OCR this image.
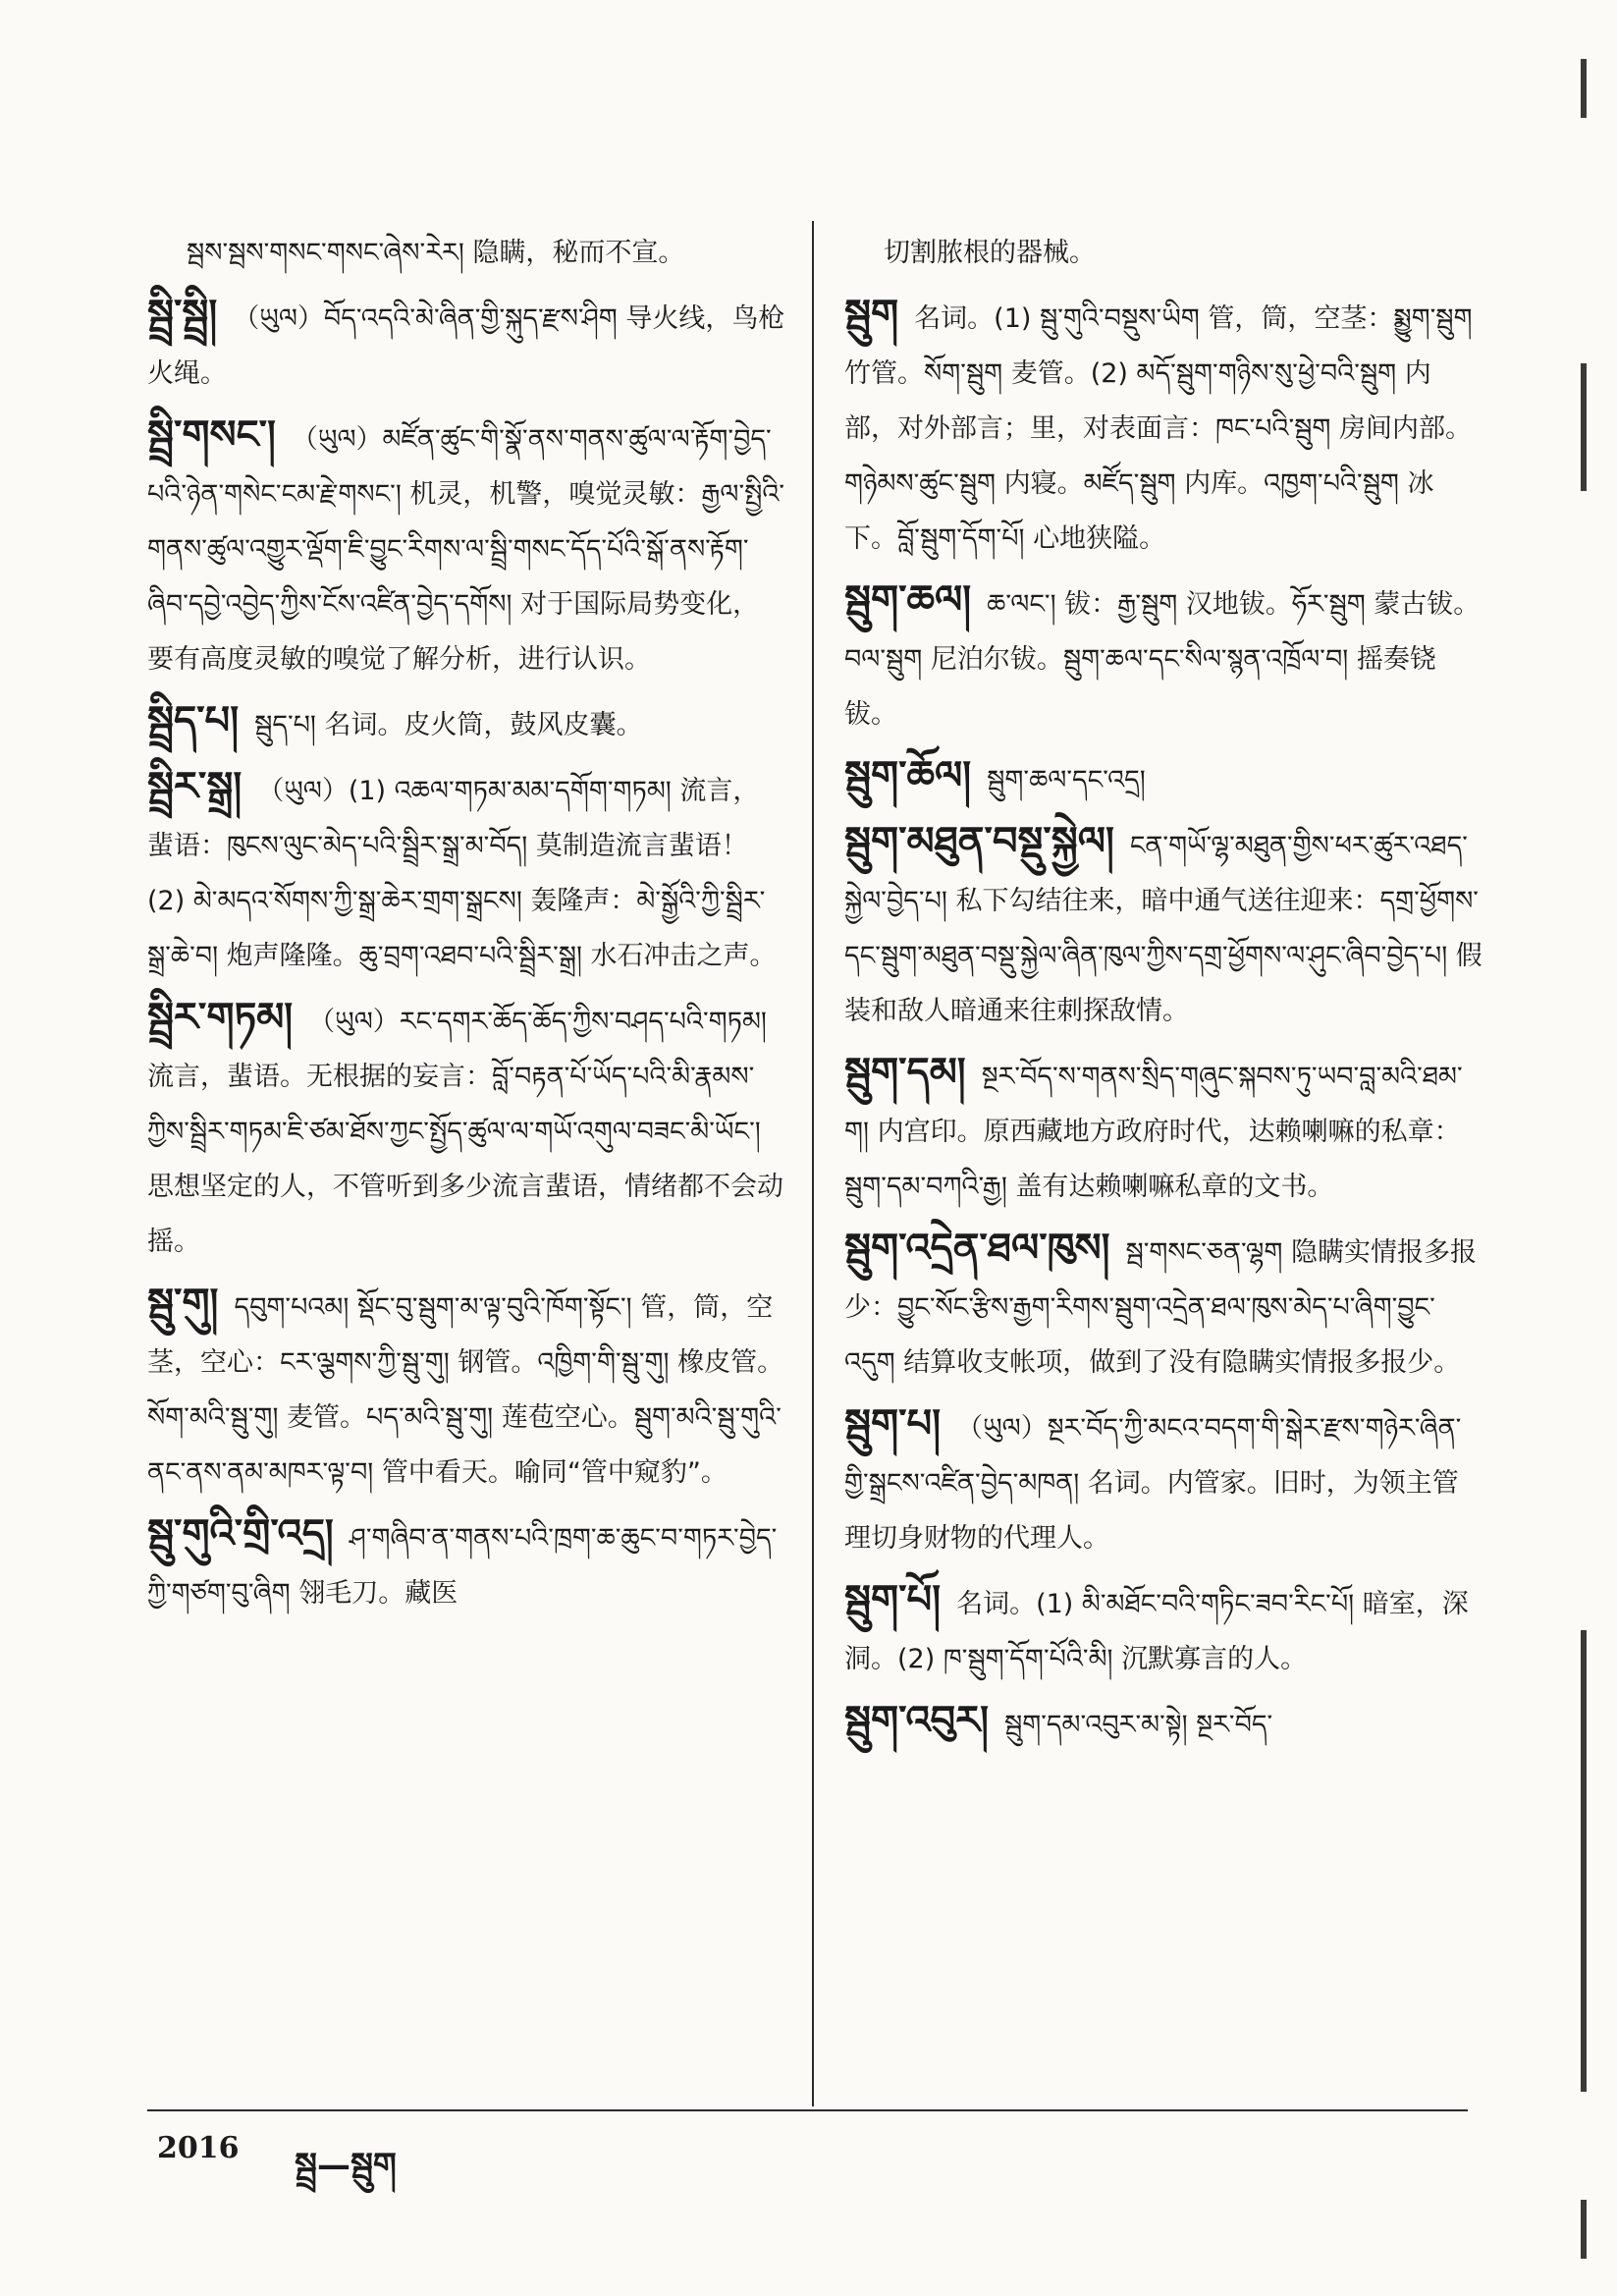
སྦས་སྦས་གསང་གསང་ཞེས་རེར། 隐瞒，秘而不宣。
སྦྲི་སྦྲི། （ཡུལ）བོད་འདའི་མེ་ཞིན་གྱི་སྐུད་རྫས་ཤིག 导火线，鸟枪火绳。
སྦྲི་གསང་། （ཡུལ）མཛོན་ཚུང་གི་སྣོ་ནས་གནས་ཚུལ་ལ་རྟོག་བྱེད་པའི་ཉེན་གསེང་ངམ་རྗེ་གསང་། 机灵，机警，嗅觉灵敏：རྒྱལ་སྤྱིའི་གནས་ཚུལ་འགྱུར་ལྡོག་ཇི་བྱུང་རིགས་ལ་སྦྲི་གསང་དོད་པོའི་སྒོ་ནས་རྟོག་ཞིབ་དབྱེ་འབྱེད་ཀྱིས་ངོས་འཛིན་བྱེད་དགོས། 对于国际局势变化，要有高度灵敏的嗅觉了解分析，进行认识。
སྦྲིད་པ། སྦུད་པ། 名词。皮火筒，鼓风皮囊。
སྦྲིར་སྒྲ། （ཡུལ）(1) འཆལ་གཏམ་མམ་དགོག་གཏམ། 流言，蜚语：ཁུངས་ལུང་མེད་པའི་སྦྲིར་སྒྲ་མ་བོད། 莫制造流言蜚语！ (2) མེ་མདའ་སོགས་ཀྱི་སྒྲ་ཆེར་གྲག་སྒྲངས། 轰隆声：མེ་སྒྱོའི་ཀྱི་སྦྲིར་སྒྲ་ཆེ་བ། 炮声隆隆。ཆུ་བྲག་འཐབ་པའི་སྦྲིར་སྒྲ། 水石冲击之声。
སྦྲིར་གཏམ། （ཡུལ）རང་དགར་ཆོད་ཆོད་ཀྱིས་བཤད་པའི་གཏམ། 流言，蜚语。无根据的妄言：བློ་བརྟན་པོ་ཡོད་པའི་མི་རྣམས་ཀྱིས་སྦྲིར་གཏམ་ཇི་ཙམ་ཐོས་ཀྱང་སྤྱོད་ཚུལ་ལ་གཡོ་འགུལ་བཟང་མི་ཡོང་། 思想坚定的人，不管听到多少流言蜚语，情绪都不会动摇。
སྦུ་གུ། དབུག་པའམ། སྡོང་བུ་སྦུག་མ་ལྟ་བུའི་ཁོག་སྟོང་། 管，筒，空茎，空心：ངར་ལྕགས་ཀྱི་སྦུ་གུ། 钢管。འཁྱིག་གི་སྦུ་གུ། 橡皮管。སོག་མའི་སྦུ་གུ། 麦管。པད་མའི་སྦུ་གུ། 莲苞空心。སྦུག་མའི་སྦུ་གུའི་ནང་ནས་ནམ་མཁར་ལྟ་བ། 管中看天。喻同“管中窥豹”。
སྦུ་གུའི་གྲི་འདྲ། ཤ་གཞིབ་ན་གནས་པའི་ཁྲག་ཆ་ཆུང་བ་གཏར་བྱེད་ཀྱི་གཙག་བུ་ཞིག 翎毛刀。藏医
切割脓根的器械。
སྦུག 名词。(1) སྦུ་གུའི་བསྡུས་ཡིག 管，筒，空茎：སྨྱུག་སྦུག 竹管。སོག་སྦུག 麦管。(2) མདོ་སྦུག་གཉིས་སུ་ཕྱེ་བའི་སྦུག 内部，对外部言；里，对表面言：ཁང་པའི་སྦུག 房间内部。གཉེམས་ཚུང་སྦུག 内寝。མཛོད་སྦུག 内库。འཁྱག་པའི་སྦུག 冰下。བློ་སྦུག་དོག་པོ། 心地狭隘。
སྦུག་ཆལ། ཆ་ལང་། 钹：རྒྱ་སྦུག 汉地钹。ཧོར་སྦུག 蒙古钹。བལ་སྦུག 尼泊尔钹。སྦུག་ཆལ་དང་སིལ་སྙན་འཁྲོལ་བ། 摇奏铙钹。
སྦུག་ཆོལ། སྦུག་ཆལ་དང་འདྲ།
སྦུག་མཐུན་བསྡུ་སྐྱེལ། ངན་གཡོ་ལྷ་མཐུན་གྱིས་ཕར་ཚུར་འཐད་སྐྱེལ་བྱེད་པ། 私下勾结往来，暗中通气送往迎来：དགྲ་ཕྱོགས་དང་སྦུག་མཐུན་བསྡུ་སྐྱེལ་ཞིན་ཁུལ་ཀྱིས་དགྲ་ཕྱོགས་ལ་ཤུང་ཞིབ་བྱེད་པ། 假装和敌人暗通来往刺探敌情。
སྦུག་དམ། སྔར་བོད་ས་གནས་སྲིད་གཞུང་སྐབས་ཏུ་ཡབ་བླ་མའི་ཐམ་ག། 内宫印。原西藏地方政府时代，达赖喇嘛的私章：སྦུག་དམ་བཀའི་རྒྱ། 盖有达赖喇嘛私章的文书。
སྦུག་འདྲེན་ཐལ་ཁུས། སྦ་གསང་ཅན་ལྷག 隐瞒实情报多报少：བྱུང་སོང་རྩིས་རྒྱག་རིགས་སྦུག་འདྲེན་ཐལ་ཁུས་མེད་པ་ཞིག་བྱུང་འདུག 结算收支帐项，做到了没有隐瞒实情报多报少。
སྦུག་པ། （ཡུལ）སྔར་བོད་ཀྱི་མངའ་བདག་གི་སྒེར་རྫས་གཉེར་ཞིན་གྱི་སྒྲངས་འཛིན་བྱེད་མཁན། 名词。内管家。旧时，为领主管理切身财物的代理人。
སྦུག་པོ། 名词。(1) མི་མཐོང་བའི་གཏིང་ཟབ་རིང་པོ། 暗室，深洞。(2) ཁ་སྦུག་དོག་པོའི་མི། 沉默寡言的人。
སྦུག་འབུར། སྦུག་དམ་འབུར་མ་སྟེ། སྔར་བོད་
2016 སྦྲ—སྦུག
